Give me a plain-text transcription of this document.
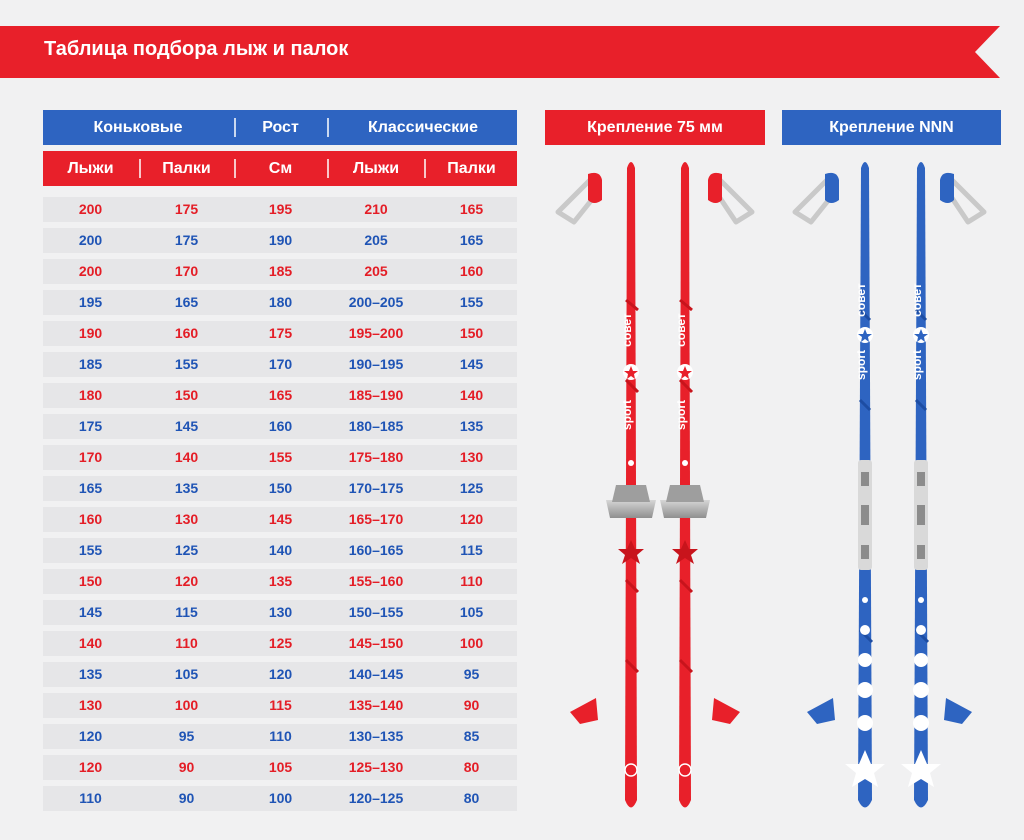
Таблица подбора лыж и палок
Коньковые	Рост	Классические
Лыжи	Палки	См	Лыжи	Палки
200	175	195	210	165
200	175	190	205	165
200	170	185	205	160
195	165	180	200–205	155
190	160	175	195–200	150
185	155	170	190–195	145
180	150	165	185–190	140
175	145	160	180–185	135
170	140	155	175–180	130
165	135	150	170–175	125
160	130	145	165–170	120
155	125	140	160–165	115
150	120	135	155–160	110
145	115	130	150–155	105
140	110	125	145–150	100
135	105	120	140–145	95
130	100	115	135–140	90
120	95	110	130–135	85
120	90	105	125–130	80
110	90	100	120–125	80
Крепление 75 мм	Крепление NNN
sport
совет
sport
совет
sport
совет
sport
совет
